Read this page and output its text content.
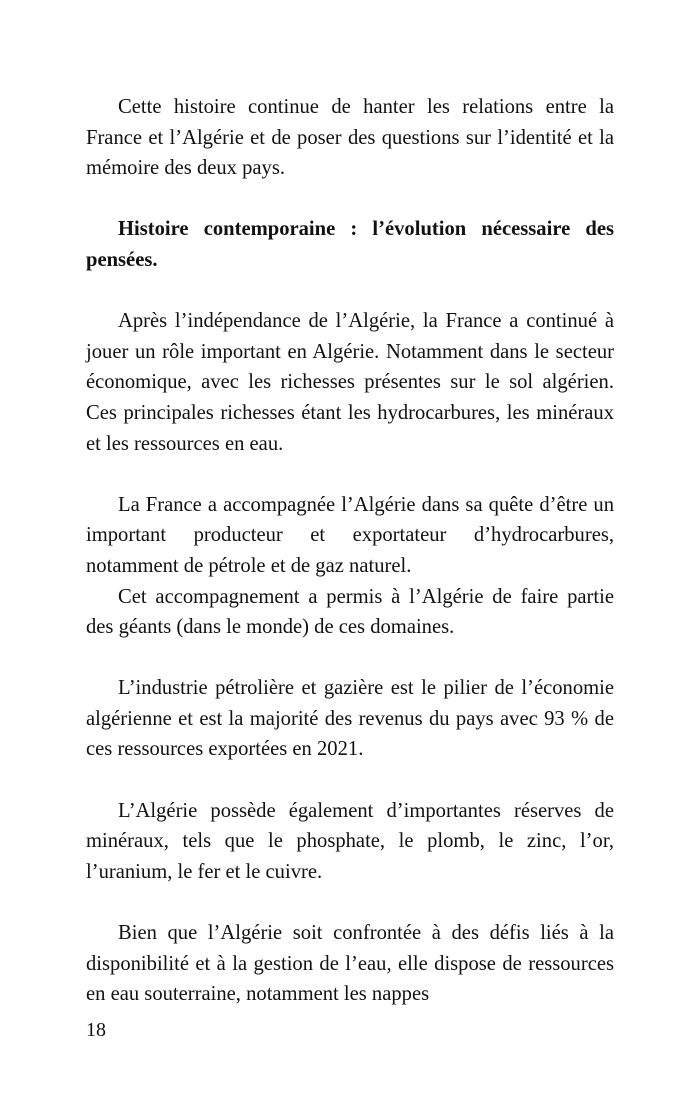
Cette histoire continue de hanter les relations entre la France et l’Algérie et de poser des questions sur l’identité et la mémoire des deux pays.

Histoire contemporaine : l’évolution nécessaire des pensées.

Après l’indépendance de l’Algérie, la France a continué à jouer un rôle important en Algérie. Notamment dans le secteur économique, avec les richesses présentes sur le sol algérien. Ces principales richesses étant les hydrocarbures, les minéraux et les ressources en eau.

La France a accompagnée l’Algérie dans sa quête d’être un important producteur et exportateur d’hydrocarbures, notamment de pétrole et de gaz naturel.

Cet accompagnement a permis à l’Algérie de faire partie des géants (dans le monde) de ces domaines.

L’industrie pétrolière et gazière est le pilier de l’économie algérienne et est la majorité des revenus du pays avec 93 % de ces ressources exportées en 2021.

L’Algérie possède également d’importantes réserves de minéraux, tels que le phosphate, le plomb, le zinc, l’or, l’uranium, le fer et le cuivre.

Bien que l’Algérie soit confrontée à des défis liés à la disponibilité et à la gestion de l’eau, elle dispose de ressources en eau souterraine, notamment les nappes

18
